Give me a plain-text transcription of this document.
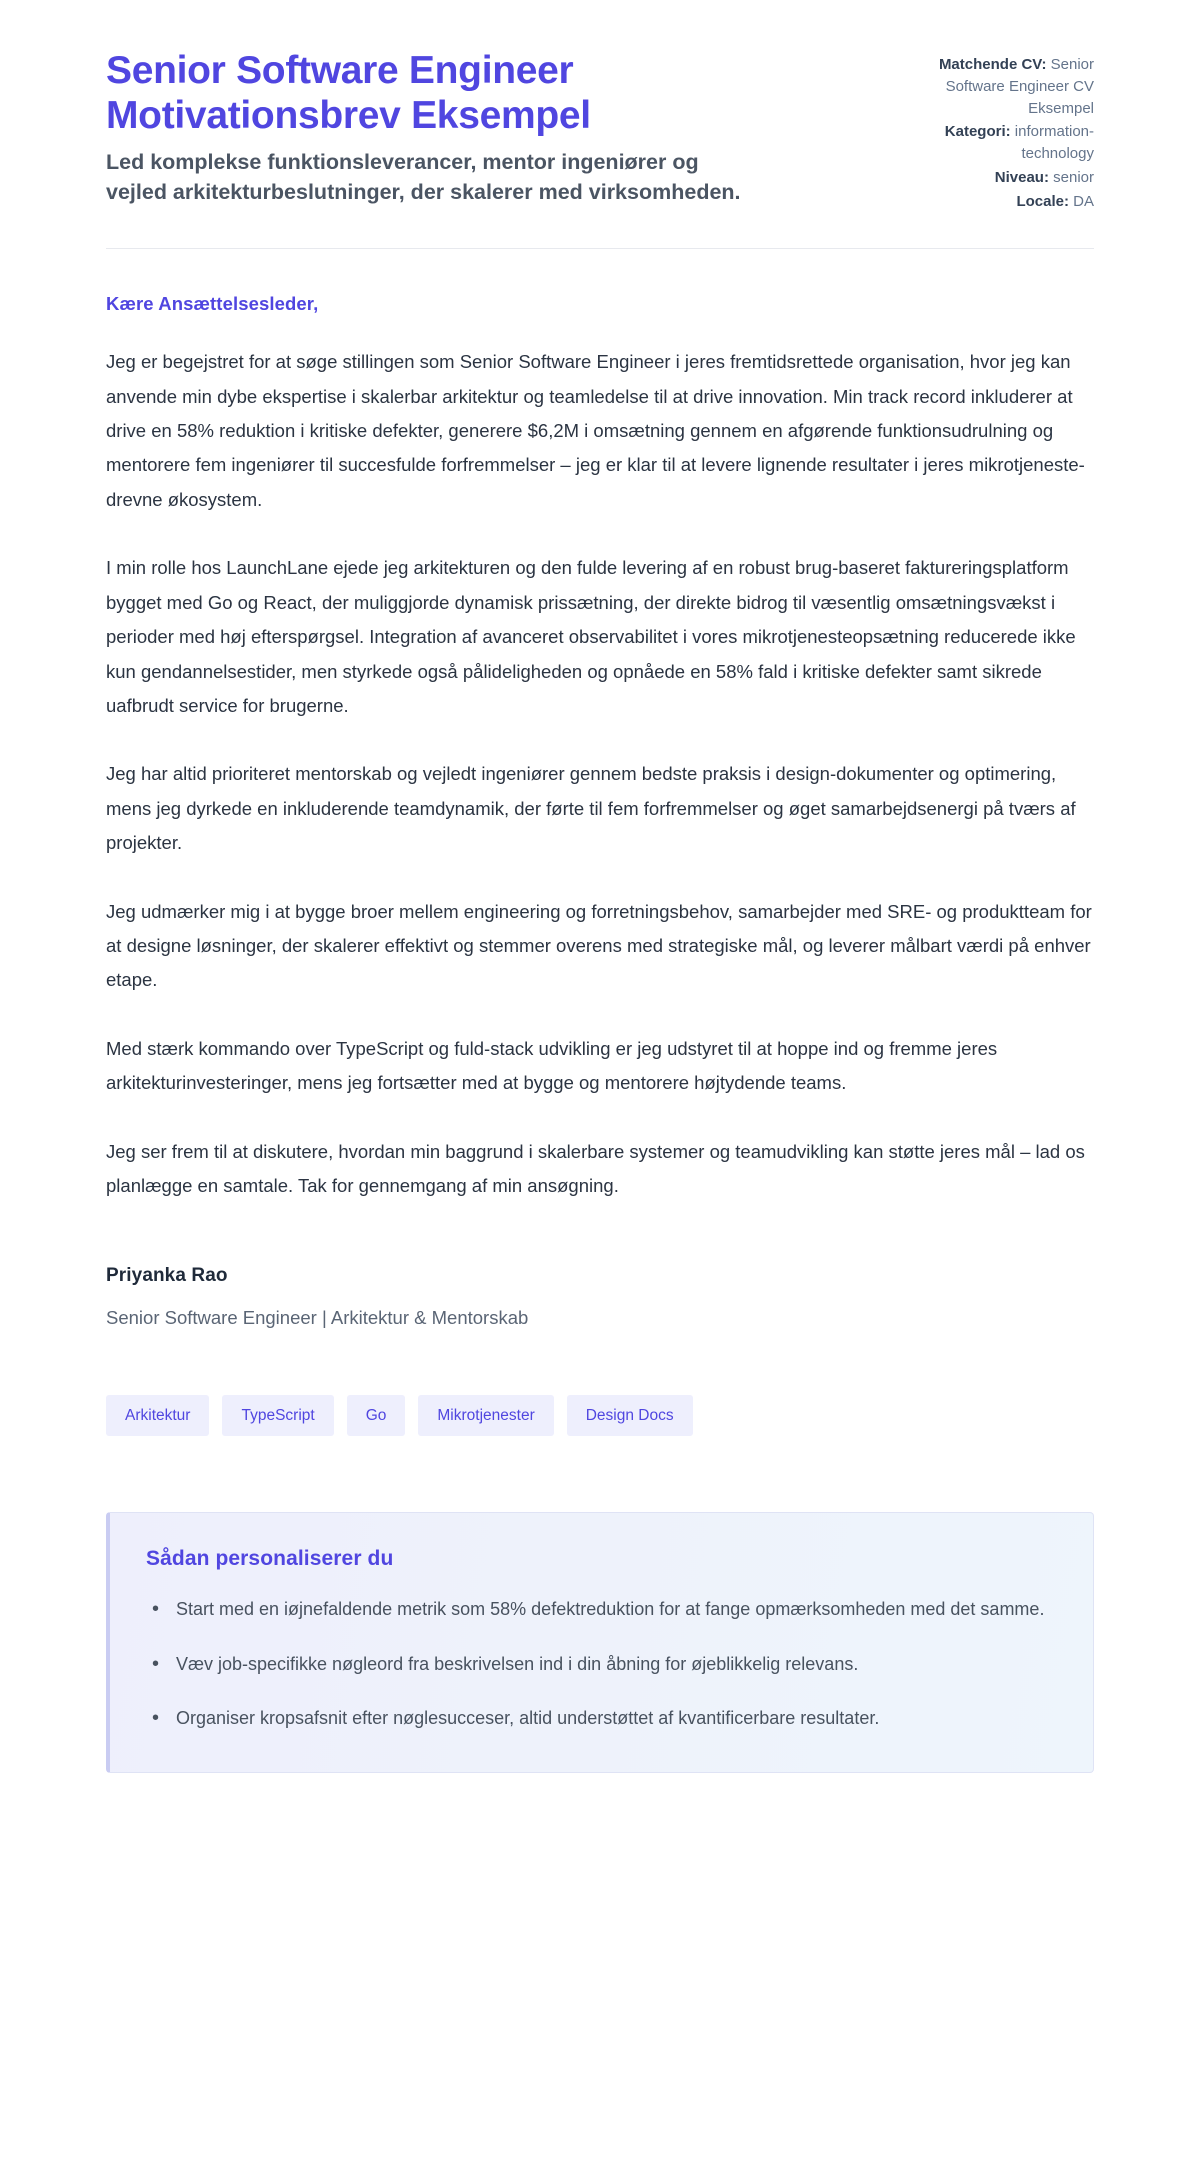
Senior Software Engineer Motivationsbrev Eksempel

Led komplekse funktionsleverancer, mentor ingeniører og vejled arkitekturbeslutninger, der skalerer med virksomheden.

Matchende CV: Senior Software Engineer CV Eksempel
Kategori: information-technology
Niveau: senior
Locale: DA

Kære Ansættelsesleder,

Jeg er begejstret for at søge stillingen som Senior Software Engineer i jeres fremtidsrettede organisation, hvor jeg kan anvende min dybe ekspertise i skalerbar arkitektur og teamledelse til at drive innovation. Min track record inkluderer at drive en 58% reduktion i kritiske defekter, generere $6,2M i omsætning gennem en afgørende funktionsudrulning og mentorere fem ingeniører til succesfulde forfremmelser – jeg er klar til at levere lignende resultater i jeres mikrotjeneste-drevne økosystem.

I min rolle hos LaunchLane ejede jeg arkitekturen og den fulde levering af en robust brug-baseret faktureringsplatform bygget med Go og React, der muliggjorde dynamisk prissætning, der direkte bidrog til væsentlig omsætningsvækst i perioder med høj efterspørgsel. Integration af avanceret observabilitet i vores mikrotjenesteopsætning reducerede ikke kun gendannelsestider, men styrkede også pålideligheden og opnåede en 58% fald i kritiske defekter samt sikrede uafbrudt service for brugerne.

Jeg har altid prioriteret mentorskab og vejledt ingeniører gennem bedste praksis i design-dokumenter og optimering, mens jeg dyrkede en inkluderende teamdynamik, der førte til fem forfremmelser og øget samarbejdsenergi på tværs af projekter.

Jeg udmærker mig i at bygge broer mellem engineering og forretningsbehov, samarbejder med SRE- og produktteam for at designe løsninger, der skalerer effektivt og stemmer overens med strategiske mål, og leverer målbart værdi på enhver etape.

Med stærk kommando over TypeScript og fuld-stack udvikling er jeg udstyret til at hoppe ind og fremme jeres arkitekturinvesteringer, mens jeg fortsætter med at bygge og mentorere højtydende teams.

Jeg ser frem til at diskutere, hvordan min baggrund i skalerbare systemer og teamudvikling kan støtte jeres mål – lad os planlægge en samtale. Tak for gennemgang af min ansøgning.

Priyanka Rao

Senior Software Engineer | Arkitektur & Mentorskab

Arkitektur	TypeScript	Go	Mikrotjenester	Design Docs
Sådan personaliserer du
• Start med en iøjnefaldende metrik som 58% defektreduktion for at fange opmærksomheden med det samme.
• Væv job-specifikke nøgleord fra beskrivelsen ind i din åbning for øjeblikkelig relevans.
• Organiser kropsafsnit efter nøglesucceser, altid understøttet af kvantificerbare resultater.
